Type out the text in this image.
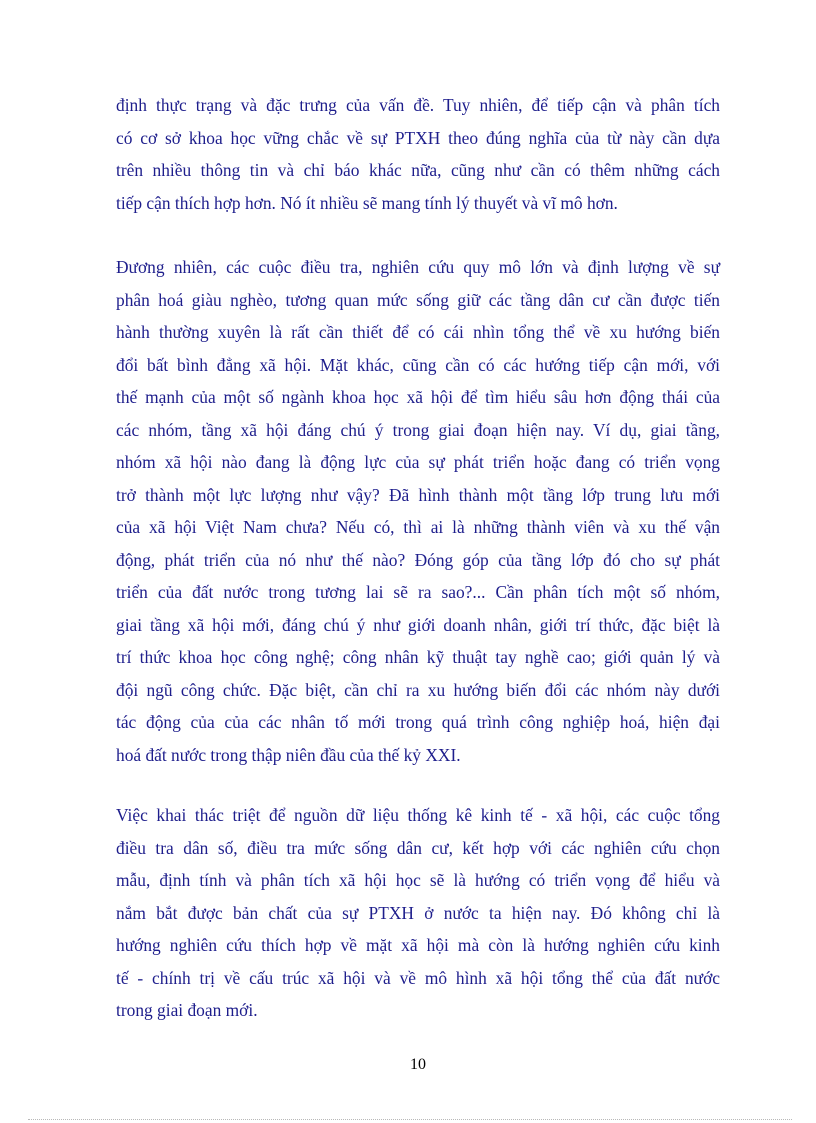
định thực trạng và đặc trưng của vấn đề. Tuy nhiên, để tiếp cận và phân tích
có cơ sở khoa học vững chắc về sự PTXH theo đúng nghĩa của từ này cần dựa
trên nhiều thông tin và chỉ báo khác nữa, cũng như cần có thêm những cách
tiếp cận thích hợp hơn. Nó ít nhiều sẽ mang tính lý thuyết và vĩ mô hơn.
Đương nhiên, các cuộc điều tra, nghiên cứu quy mô lớn và định lượng về sự
phân hoá giàu nghèo, tương quan mức sống giữ các tầng dân cư cần được tiến
hành thường xuyên là rất cần thiết để có cái nhìn tổng thể về xu hướng biến
đổi bất bình đẳng xã hội. Mặt khác, cũng cần có các hướng tiếp cận mới, với
thế mạnh của một số ngành khoa học xã hội để tìm hiểu sâu hơn động thái của
các nhóm, tầng xã hội đáng chú ý trong giai đoạn hiện nay. Ví dụ, giai tầng,
nhóm xã hội nào đang là động lực của sự phát triển hoặc đang có triển vọng
trở thành một lực lượng như vậy? Đã hình thành một tầng lớp trung lưu mới
của xã hội Việt Nam chưa? Nếu có, thì ai là những thành viên và xu thế vận
động, phát triển của nó như thế nào? Đóng góp của tầng lớp đó cho sự phát
triển của đất nước trong tương lai sẽ ra sao?... Cần phân tích một số nhóm,
giai tầng xã hội mới, đáng chú ý như giới doanh nhân, giới trí thức, đặc biệt là
trí thức khoa học công nghệ; công nhân kỹ thuật tay nghề cao; giới quản lý và
đội ngũ công chức. Đặc biệt, cần chỉ ra xu hướng biến đổi các nhóm này dưới
tác động của của các nhân tố mới trong quá trình công nghiệp hoá, hiện đại
hoá đất nước trong thập niên đầu của thế kỷ XXI.
Việc khai thác triệt để nguồn dữ liệu thống kê kinh tế - xã hội, các cuộc tổng
điều tra dân số, điều tra mức sống dân cư, kết hợp với các nghiên cứu chọn
mẫu, định tính và phân tích xã hội học sẽ là hướng có triển vọng để hiểu và
nắm bắt được bản chất của sự PTXH ở nước ta hiện nay. Đó không chỉ là
hướng nghiên cứu thích hợp về mặt xã hội mà còn là hướng nghiên cứu kinh
tế - chính trị về cấu trúc xã hội và về mô hình xã hội tổng thể của đất nước
trong giai đoạn mới.
10
